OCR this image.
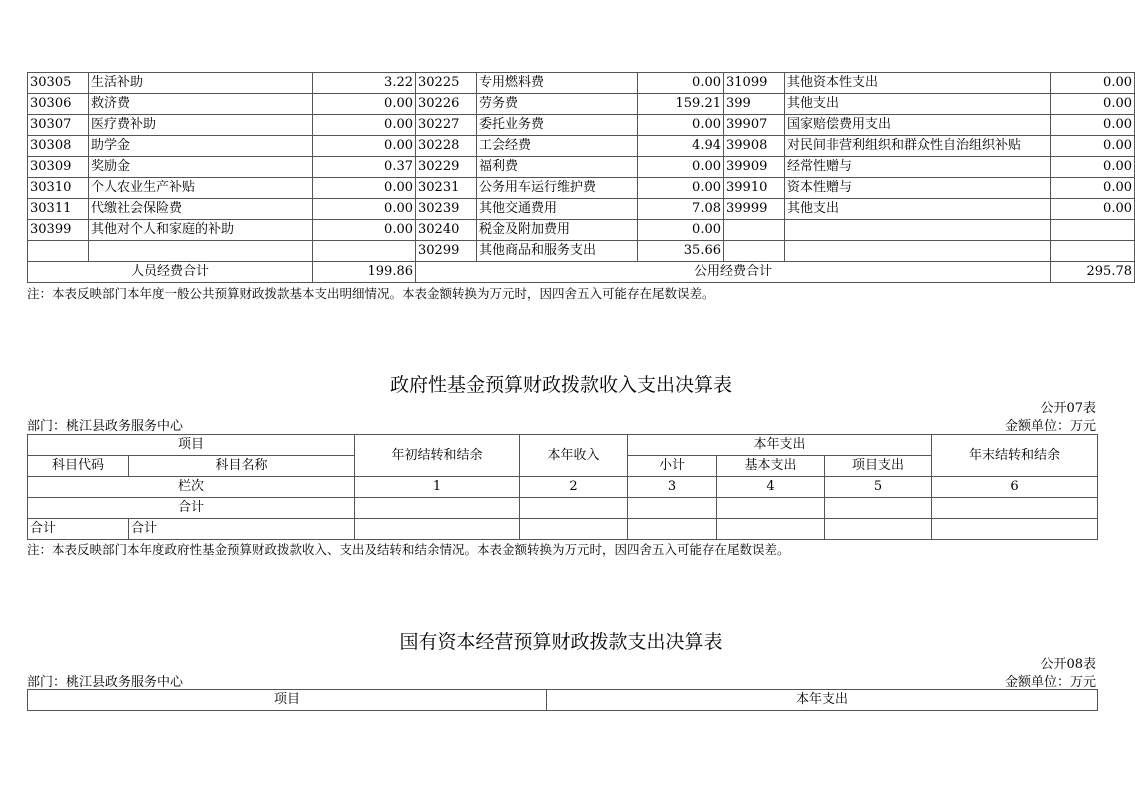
30305	生活补助	3.22	30225	专用燃料费	0.00	31099	其他资本性支出	0.00
30306	救济费	0.00	30226	劳务费	159.21	399	其他支出	0.00
30307	医疗费补助	0.00	30227	委托业务费	0.00	39907	国家赔偿费用支出	0.00
30308	助学金	0.00	30228	工会经费	4.94	39908	对民间非营利组织和群众性自治组织补贴	0.00
30309	奖励金	0.37	30229	福利费	0.00	39909	经常性赠与	0.00
30310	个人农业生产补贴	0.00	30231	公务用车运行维护费	0.00	39910	资本性赠与	0.00
30311	代缴社会保险费	0.00	30239	其他交通费用	7.08	39999	其他支出	0.00
30399	其他对个人和家庭的补助	0.00	30240	税金及附加费用	0.00			
			30299	其他商品和服务支出	35.66			
人员经费合计		199.86	公用经费合计					295.78
注：本表反映部门本年度一般公共预算财政拨款基本支出明细情况。本表金额转换为万元时，因四舍五入可能存在尾数误差。
政府性基金预算财政拨款收入支出决算表
公开07表
部门：桃江县政务服务中心	金额单位：万元
项目		年初结转和结余	本年收入	本年支出			年末结转和结余
科目代码	科目名称			小计	基本支出	项目支出	
栏次		1	2	3	4	5	6
合计							
合计	合计						
注：本表反映部门本年度政府性基金预算财政拨款收入、支出及结转和结余情况。本表金额转换为万元时，因四舍五入可能存在尾数误差。
国有资本经营预算财政拨款支出决算表
公开08表
部门：桃江县政务服务中心	金额单位：万元
项目	本年支出
